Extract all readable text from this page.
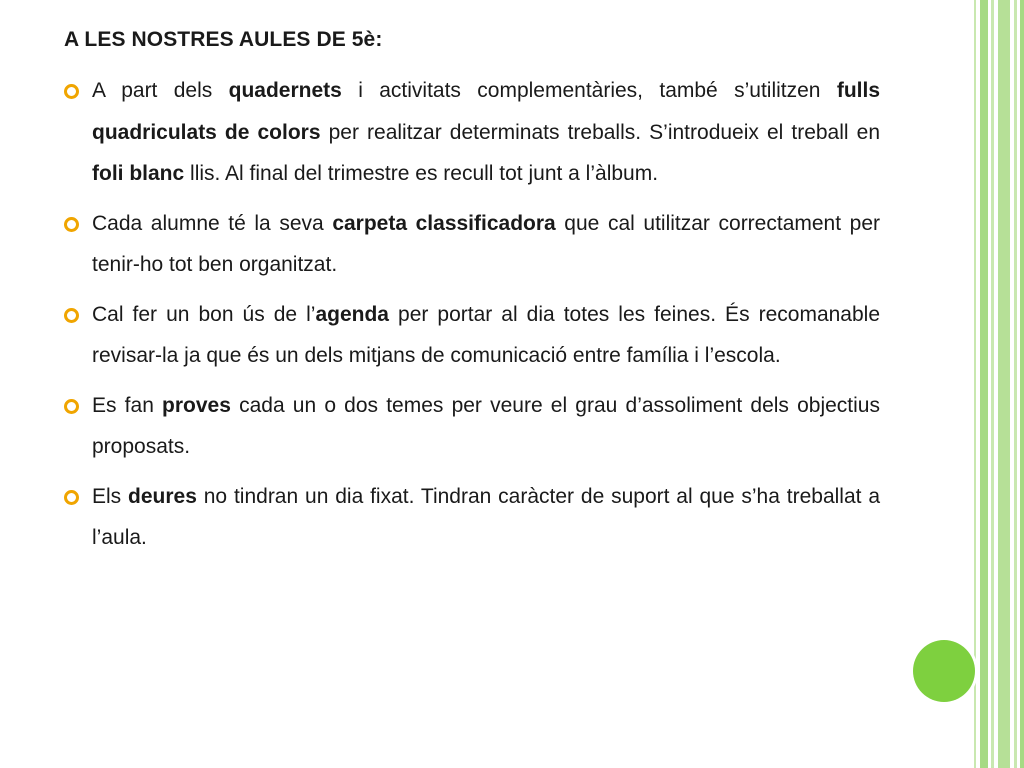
A LES NOSTRES AULES DE 5è:
A part dels quadernets i activitats complementàries, també s’utilitzen fulls quadriculats de colors per realitzar determinats treballs. S’introdueix el treball en foli blanc llis. Al final del trimestre es recull tot junt a l’àlbum.
Cada alumne té la seva carpeta classificadora que cal utilitzar correctament per tenir-ho tot ben organitzat.
Cal fer un bon ús de l’agenda per portar al dia totes les feines. És recomanable revisar-la ja que és un dels mitjans de comunicació entre família i l’escola.
Es fan proves cada un o dos temes per veure el grau d’assoliment dels objectius proposats.
Els deures no tindran un dia fixat. Tindran caràcter de suport al que s’ha treballat a l’aula.
